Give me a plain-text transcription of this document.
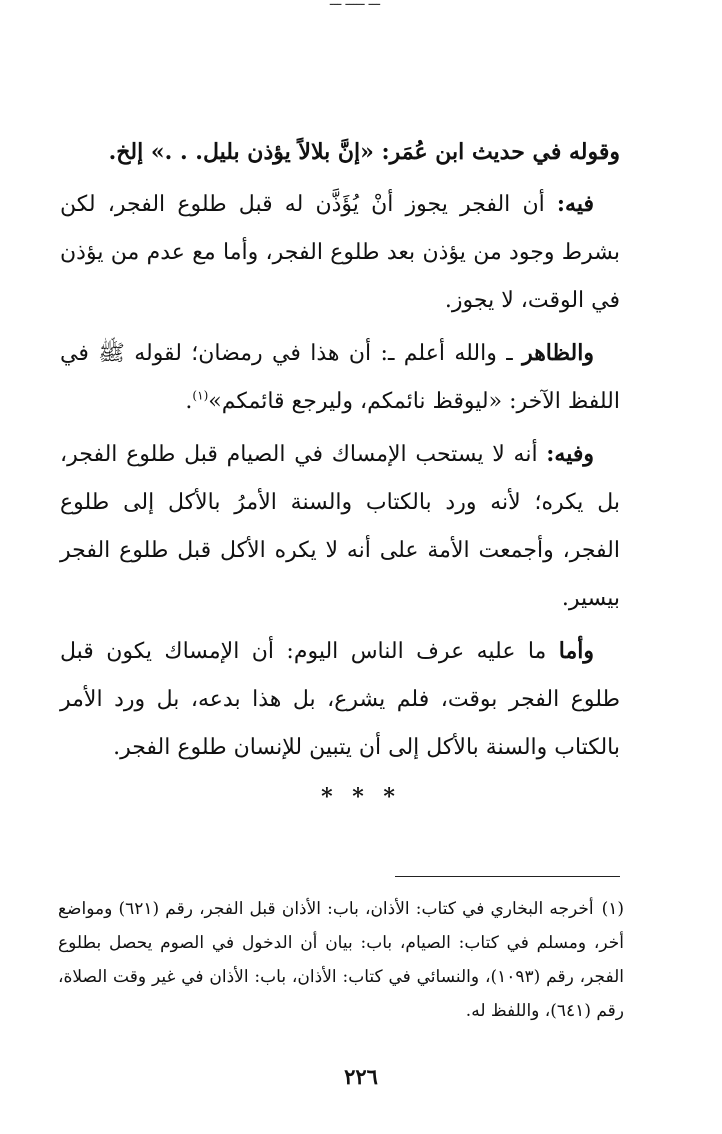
ـــ ـــــ ـــ

وقوله في حديث ابن عُمَر: «إنَّ بلالاً يؤذن بليل. . .» إلخ.

فيه: أن الفجر يجوز أنْ يُؤَذَّن له قبل طلوع الفجر، لكن بشرط وجود من يؤذن بعد طلوع الفجر، وأما مع عدم من يؤذن في الوقت، لا يجوز.

والظاهر ـ والله أعلم ـ: أن هذا في رمضان؛ لقوله ﷺ في اللفظ الآخر: «ليوقظ نائمكم، وليرجع قائمكم»$^{(١)}$.

وفيه: أنه لا يستحب الإمساك في الصيام قبل طلوع الفجر، بل يكره؛ لأنه ورد بالكتاب والسنة الأمرُ بالأكل إلى طلوع الفجر، وأجمعت الأمة على أنه لا يكره الأكل قبل طلوع الفجر بيسير.

وأما ما عليه عرف الناس اليوم: أن الإمساك يكون قبل طلوع الفجر بوقت، فلم يشرع، بل هذا بدعه، بل ورد الأمر بالكتاب والسنة بالأكل إلى أن يتبين للإنسان طلوع الفجر.

* * *

(١)أخرجه البخاري في كتاب: الأذان، باب: الأذان قبل الفجر، رقم (٦٢١) ومواضع أخر، ومسلم في كتاب: الصيام، باب: بيان أن الدخول في الصوم يحصل بطلوع الفجر، رقم (١٠٩٣)، والنسائي في كتاب: الأذان، باب: الأذان في غير وقت الصلاة، رقم (٦٤١)، واللفظ له.

٢٢٦
